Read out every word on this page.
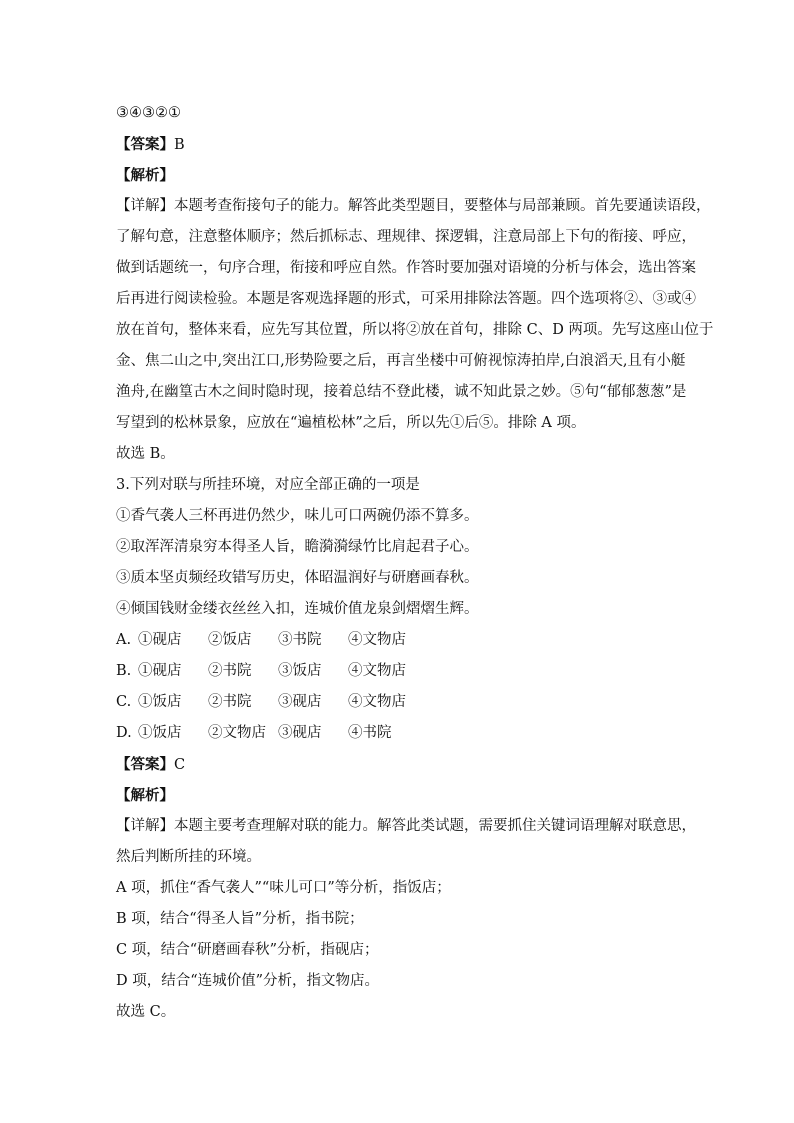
③④③②①
【答案】B
【解析】
【详解】本题考查衔接句子的能力。解答此类型题目，要整体与局部兼顾。首先要通读语段，
了解句意，注意整体顺序；然后抓标志、理规律、探逻辑，注意局部上下句的衔接、呼应，
做到话题统一，句序合理，衔接和呼应自然。作答时要加强对语境的分析与体会，选出答案
后再进行阅读检验。本题是客观选择题的形式，可采用排除法答题。四个选项将②、③或④
放在首句，整体来看，应先写其位置，所以将②放在首句，排除 C、D 两项。先写这座山位于
金、焦二山之中,突出江口,形势险要之后，再言坐楼中可俯视惊涛拍岸,白浪滔天,且有小艇
渔舟,在幽篁古木之间时隐时现，接着总结不登此楼，诚不知此景之妙。⑤句“郁郁葱葱”是
写望到的松林景象，应放在“遍植松林”之后，所以先①后⑤。排除 A 项。
故选 B。
3.下列对联与所挂环境，对应全部正确的一项是
①香气袭人三杯再进仍然少，味儿可口两碗仍添不算多。
②取浑浑清泉穷本得圣人旨，瞻漪漪绿竹比肩起君子心。
③质本坚贞频经玫错写历史，体昭温润好与研磨画春秋。
④倾国钱财金缕衣丝丝入扣，连城价值龙泉剑熠熠生辉。
A. ①砚店	②饭店	③书院	④文物店
B. ①砚店	②书院	③饭店	④文物店
C. ①饭店	②书院	③砚店	④文物店
D. ①饭店	②文物店 ③砚店	④书院
【答案】C
【解析】
【详解】本题主要考查理解对联的能力。解答此类试题，需要抓住关键词语理解对联意思，
然后判断所挂的环境。
A 项，抓住“香气袭人”“味儿可口”等分析，指饭店；
B 项，结合“得圣人旨”分析，指书院；
C 项，结合“研磨画春秋”分析，指砚店；
D 项，结合“连城价值”分析，指文物店。
故选 C。
